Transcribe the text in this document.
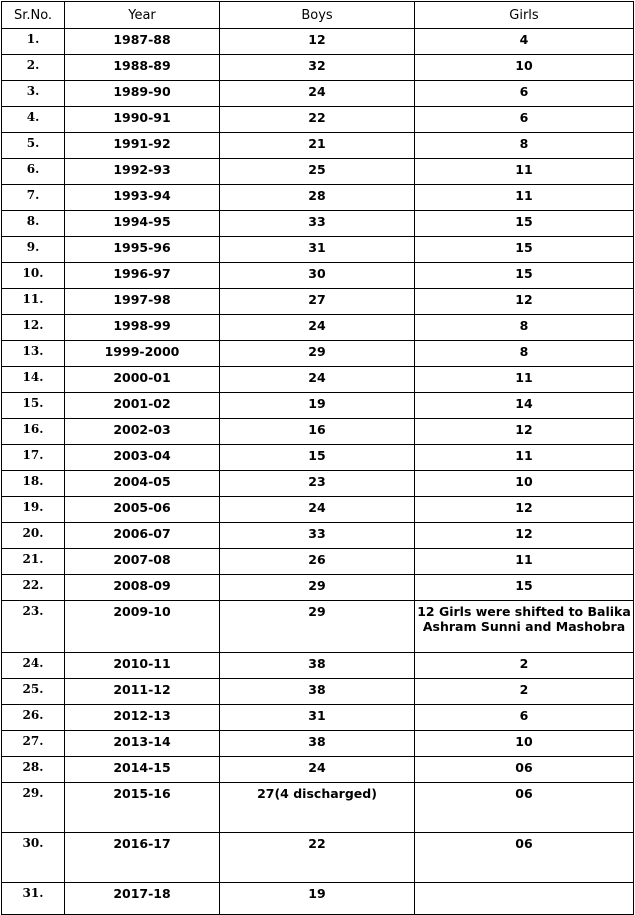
Sr.No.	Year	Boys	Girls
1.	1987-88	12	4
2.	1988-89	32	10
3.	1989-90	24	6
4.	1990-91	22	6
5.	1991-92	21	8
6.	1992-93	25	11
7.	1993-94	28	11
8.	1994-95	33	15
9.	1995-96	31	15
10.	1996-97	30	15
11.	1997-98	27	12
12.	1998-99	24	8
13.	1999-2000	29	8
14.	2000-01	24	11
15.	2001-02	19	14
16.	2002-03	16	12
17.	2003-04	15	11
18.	2004-05	23	10
19.	2005-06	24	12
20.	2006-07	33	12
21.	2007-08	26	11
22.	2008-09	29	15
23.	2009-10	29	12 Girls were shifted to Balika Ashram Sunni and Mashobra
24.	2010-11	38	2
25.	2011-12	38	2
26.	2012-13	31	6
27.	2013-14	38	10
28.	2014-15	24	06
29.	2015-16	27(4 discharged)	06
30.	2016-17	22	06
31.	2017-18	19	
